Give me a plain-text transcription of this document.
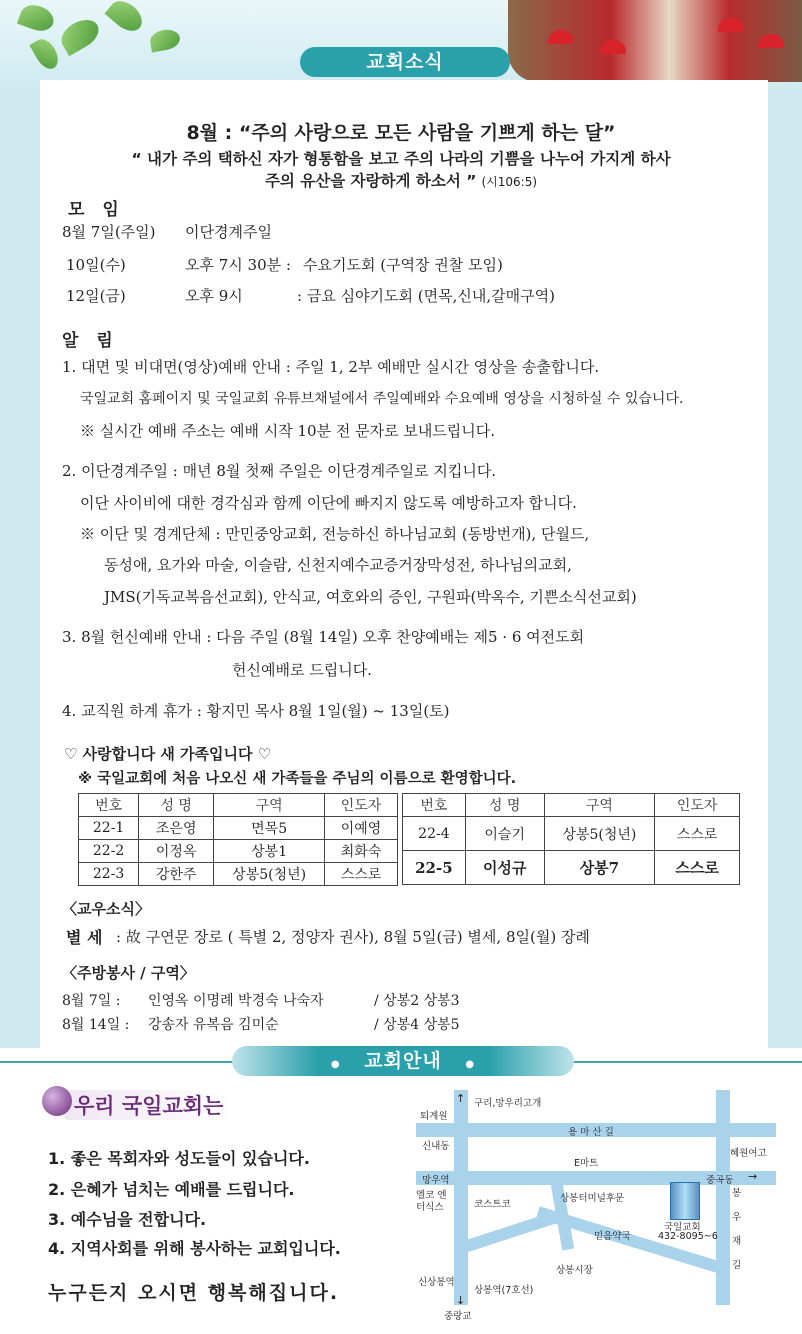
교회소식
8월 : “주의 사랑으로 모든 사람을 기쁘게 하는 달”
“ 내가 주의 택하신 자가 형통함을 보고 주의 나라의 기쁨을 나누어 가지게 하사
주의 유산을 자랑하게 하소서 ” (시106:5)
모 임
8월 7일(주일) 이단경계주일
10일(수)	오후 7시 30분 : 수요기도회 (구역장 권찰 모임)
12일(금)	오후 9시	: 금요 심야기도회 (면목,신내,갈매구역)
알 림
1. 대면 및 비대면(영상)예배 안내 : 주일 1, 2부 예배만 실시간 영상을 송출합니다.
국일교회 홈페이지 및 국일교회 유튜브채널에서 주일예배와 수요예배 영상을 시청하실 수 있습니다.
※ 실시간 예배 주소는 예배 시작 10분 전 문자로 보내드립니다.
2. 이단경계주일 : 매년 8월 첫째 주일은 이단경계주일로 지킵니다.
이단 사이비에 대한 경각심과 함께 이단에 빠지지 않도록 예방하고자 합니다.
※ 이단 및 경계단체 : 만민중앙교회, 전능하신 하나님교회 (동방번개), 단월드,
동성애, 요가와 마술, 이슬람, 신천지예수교증거장막성전, 하나님의교회,
JMS(기독교복음선교회), 안식교, 여호와의 증인, 구원파(박옥수, 기쁜소식선교회)
3. 8월 헌신예배 안내 : 다음 주일 (8월 14일) 오후 찬양예배는 제5 · 6 여전도회
헌신예배로 드립니다.
4. 교직원 하계 휴가 : 황지민 목사 8월 1일(월) ~ 13일(토)
♡ 사랑합니다 새 가족입니다 ♡
※ 국일교회에 처음 나오신 새 가족들을 주님의 이름으로 환영합니다.
번호	성 명	구역	인도자
22-1	조은영	면목5	이예영
22-2	이정옥	상봉1	최화숙
22-3	강한주	상봉5(청년)	스스로
번호	성 명	구역	인도자
22-4	이슬기	상봉5(청년)	스스로
22-5	이성규	상봉7	스스로
〈교우소식〉
별 세 : 故 구연문 장로 ( 특별 2, 정양자 권사), 8월 5일(금) 별세, 8일(월) 장례
〈주방봉사 / 구역〉
8월 7일 : 인영옥 이명례 박경숙 나숙자	/ 상봉2 상봉3
8월 14일 : 강송자 유복음 김미순	/ 상봉4 상봉5
● 교회안내 ●
우리 국일교회는
1. 좋은 목회자와 성도들이 있습니다.
2. 은혜가 넘치는 예배를 드립니다.
3. 예수님을 전합니다.
4. 지역사회를 위해 봉사하는 교회입니다.
누구든지 오시면 행복해집니다.
구리,망우리고개
↑
퇴계원
용 마 산 길
신내동
혜원여고
E마트
망우역	중곡동 →
코스트코
상봉터미널후문
엘코 엔터식스
믿음약국
국일교회
432-8095~6
봉 우 재 길
상봉시장
신상봉역
상봉역(7호선)
중랑교
↓
